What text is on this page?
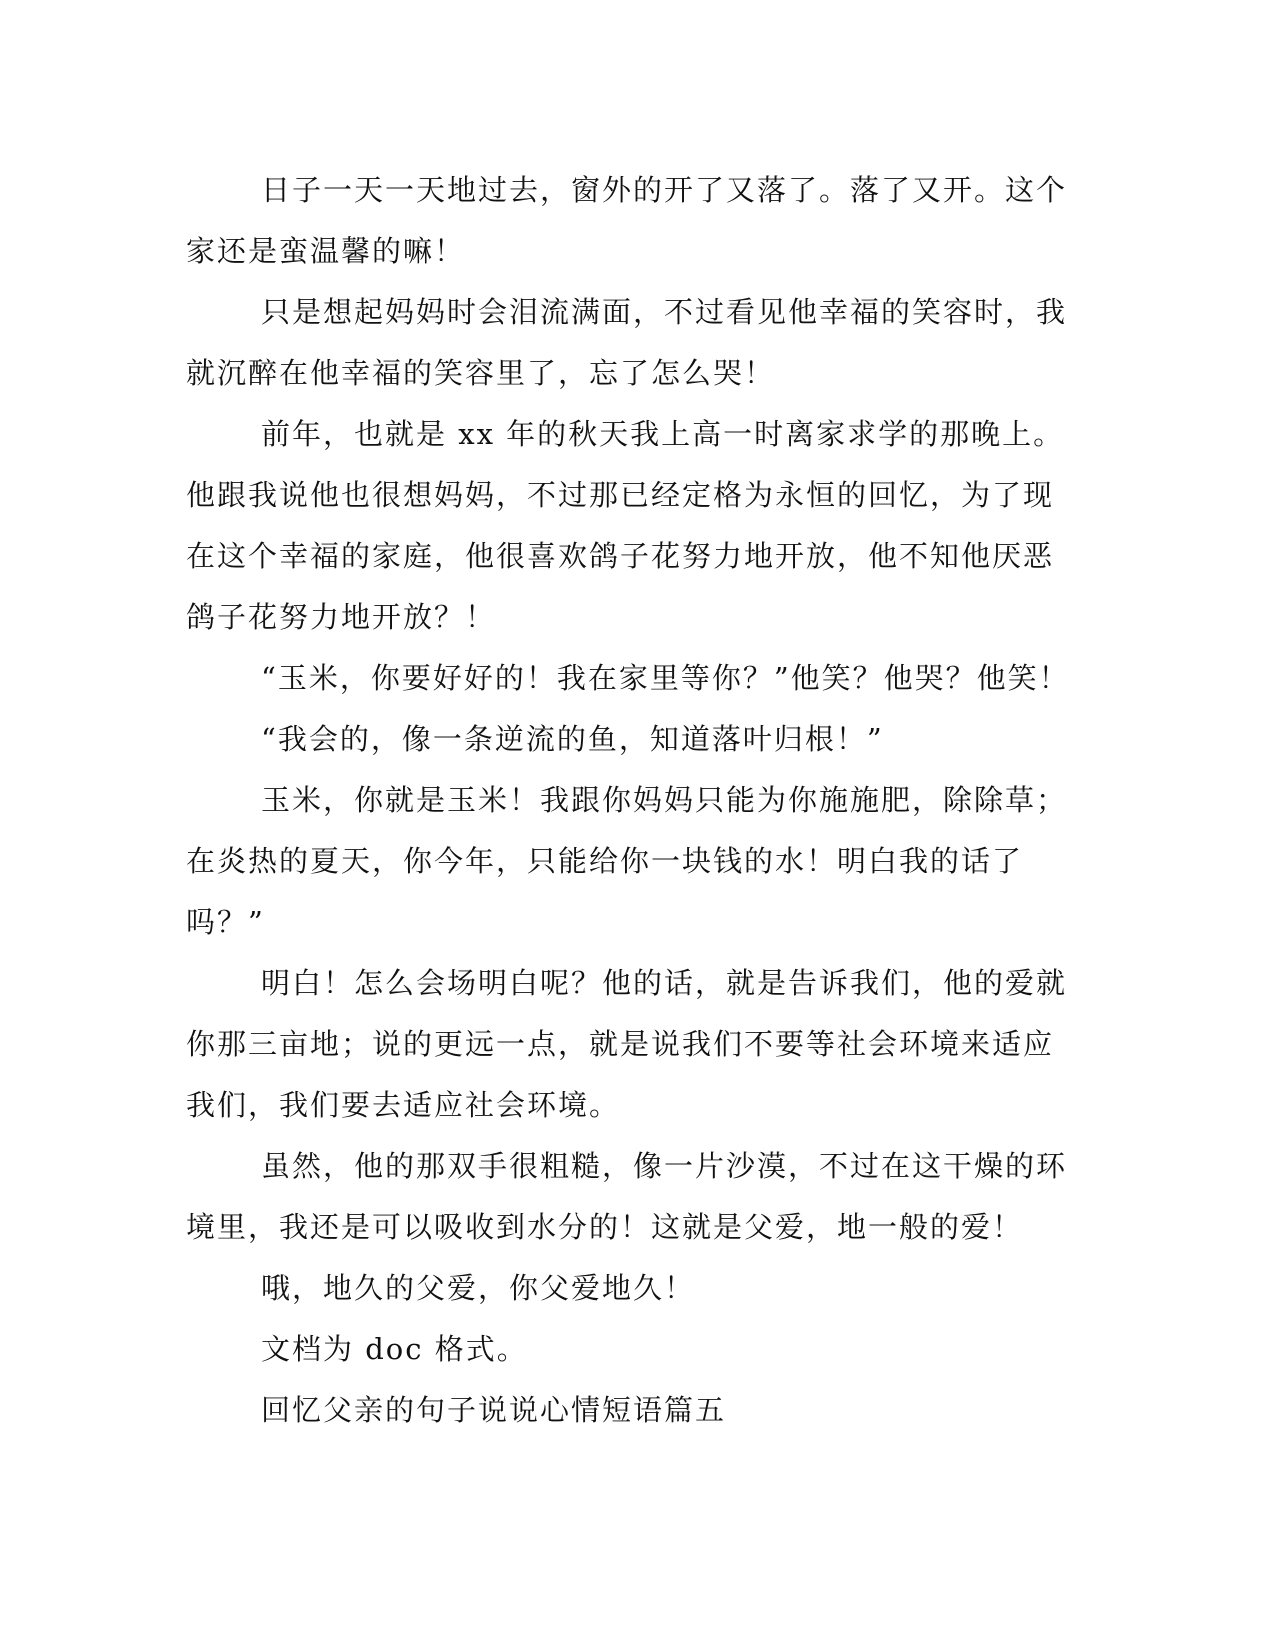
日子一天一天地过去，窗外的开了又落了。落了又开。这个家还是蛮温馨的嘛！

只是想起妈妈时会泪流满面，不过看见他幸福的笑容时，我就沉醉在他幸福的笑容里了，忘了怎么哭！

前年，也就是 xx 年的秋天我上高一时离家求学的那晚上。他跟我说他也很想妈妈，不过那已经定格为永恒的回忆，为了现在这个幸福的家庭，他很喜欢鸽子花努力地开放，他不知他厌恶鸽子花努力地开放？！

“玉米，你要好好的！我在家里等你？”他笑？他哭？他笑！

“我会的，像一条逆流的鱼，知道落叶归根！”

玉米，你就是玉米！我跟你妈妈只能为你施施肥，除除草；在炎热的夏天，你今年，只能给你一块钱的水！明白我的话了吗？”

明白！怎么会场明白呢？他的话，就是告诉我们，他的爱就你那三亩地；说的更远一点，就是说我们不要等社会环境来适应我们，我们要去适应社会环境。

虽然，他的那双手很粗糙，像一片沙漠，不过在这干燥的环境里，我还是可以吸收到水分的！这就是父爱，地一般的爱！

哦，地久的父爱，你父爱地久！

文档为 doc 格式。

回忆父亲的句子说说心情短语篇五
